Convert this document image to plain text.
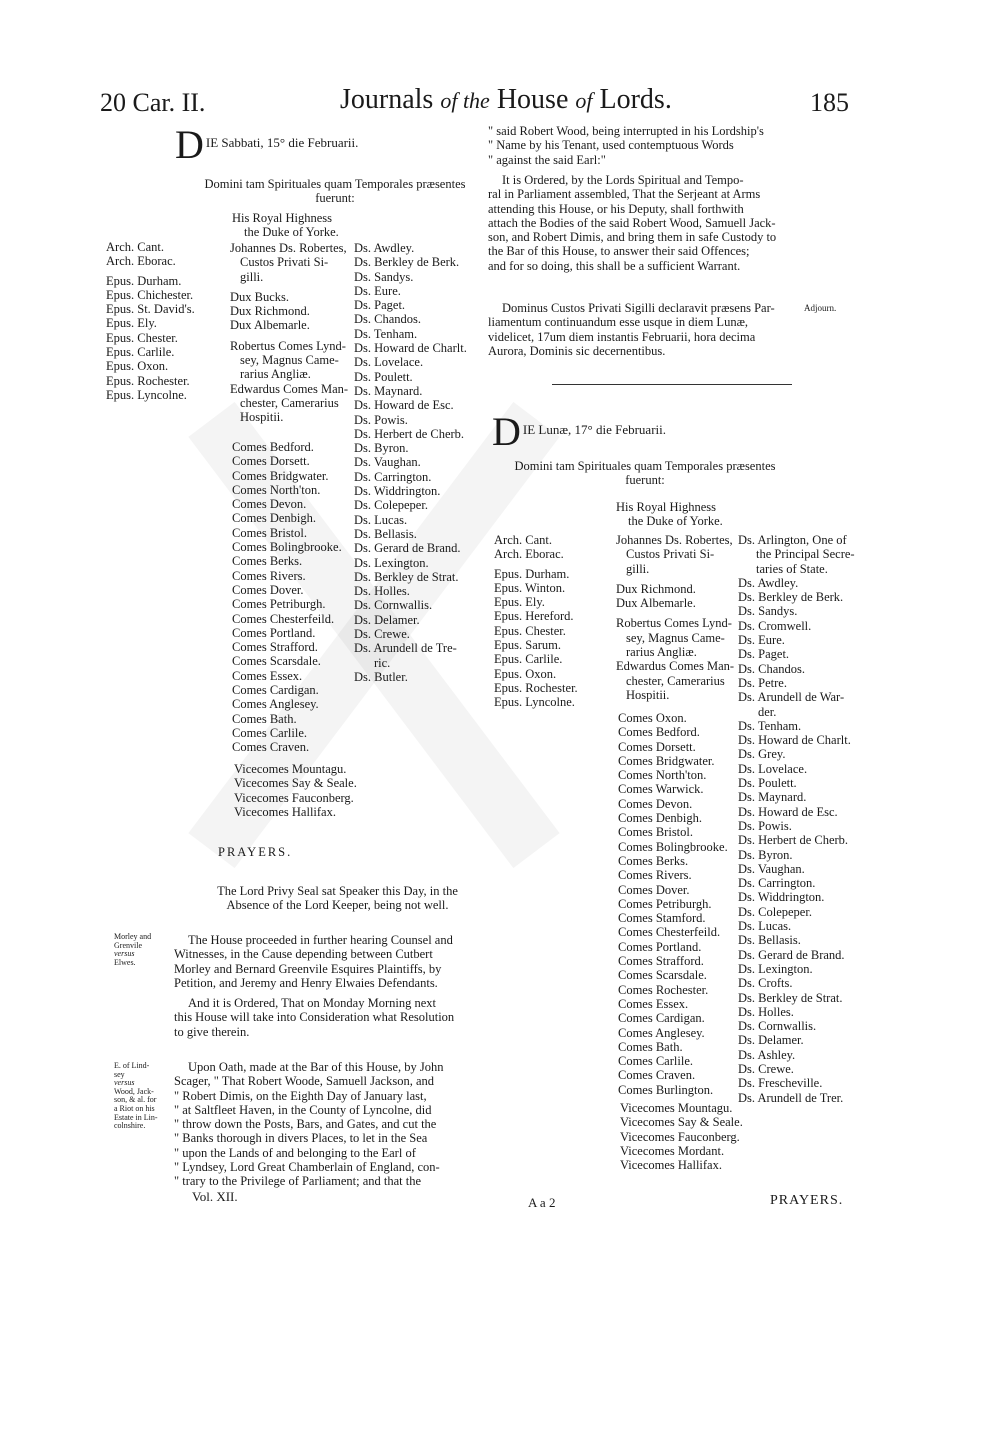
20 Car. II.	Journals of the House of Lords.	185
D $_{IE Sabbati, 15^\circ die Februarii.}$
Domini tam Spirituales quam Temporales præsentes
fuerunt:
His Royal Highness
the Duke of Yorke.
Arch. Cant.
Arch. Eborac.
Epus. Durham.
Epus. Chichester.
Epus. St. David's.
Epus. Ely.
Epus. Chester.
Epus. Carlile.
Epus. Oxon.
Epus. Rochester.
Epus. Lyncolne.
Johannes Ds. Robertes,
Custos Privati Si-
gilli.
Dux Bucks.
Dux Richmond.
Dux Albemarle.
Robertus Comes Lynd-
sey, Magnus Came-
rarius Angliæ.
Edwardus Comes Man-
chester, Camerarius
Hospitii.
Comes Bedford.
Comes Dorsett.
Comes Bridgwater.
Comes North'ton.
Comes Devon.
Comes Denbigh.
Comes Bristol.
Comes Bolingbrooke.
Comes Berks.
Comes Rivers.
Comes Dover.
Comes Petriburgh.
Comes Chesterfeild.
Comes Portland.
Comes Strafford.
Comes Scarsdale.
Comes Essex.
Comes Cardigan.
Comes Anglesey.
Comes Bath.
Comes Carlile.
Comes Craven.
Vicecomes Mountagu.
Vicecomes Say & Seale.
Vicecomes Fauconberg.
Vicecomes Hallifax.
Ds. Awdley.
Ds. Berkley de Berk.
Ds. Sandys.
Ds. Eure.
Ds. Paget.
Ds. Chandos.
Ds. Tenham.
Ds. Howard de Charlt.
Ds. Lovelace.
Ds. Poulett.
Ds. Maynard.
Ds. Howard de Esc.
Ds. Powis.
Ds. Herbert de Cherb.
Ds. Byron.
Ds. Vaughan.
Ds. Carrington.
Ds. Widdrington.
Ds. Colepeper.
Ds. Lucas.
Ds. Bellasis.
Ds. Gerard de Brand.
Ds. Lexington.
Ds. Berkley de Strat.
Ds. Holles.
Ds. Cornwallis.
Ds. Delamer.
Ds. Crewe.
Ds. Arundell de Tre-
ric.
Ds. Butler.
PRAYERS.
The Lord Privy Seal sat Speaker this Day, in the
Absence of the Lord Keeper, being not well.
Morley and
Grenvile
versus
Elwes.
The House proceeded in further hearing Counsel and
Witnesses, in the Cause depending between Cutbert
Morley and Bernard Greenvile Esquires Plaintiffs, by
Petition, and Jeremy and Henry Elwaies Defendants.
And it is Ordered, That on Monday Morning next
this House will take into Consideration what Resolution
to give therein.
E. of Lind-
sey
versus
Wood, Jack-
son, & al. for
a Riot on his
Estate in Lin-
colnshire.
Upon Oath, made at the Bar of this House, by John
Scager, " That Robert Woode, Samuell Jackson, and
" Robert Dimis, on the Eighth Day of January last,
" at Saltfleet Haven, in the County of Lyncolne, did
" throw down the Posts, Bars, and Gates, and cut the
" Banks thorough in divers Places, to let in the Sea
" upon the Lands of and belonging to the Earl of
" Lyndsey, Lord Great Chamberlain of England, con-
" trary to the Privilege of Parliament; and that the
Vol. XII.
" said Robert Wood, being interrupted in his Lordship's
" Name by his Tenant, used contemptuous Words
" against the said Earl:"
It is Ordered, by the Lords Spiritual and Tempo-
ral in Parliament assembled, That the Serjeant at Arms
attending this House, or his Deputy, shall forthwith
attach the Bodies of the said Robert Wood, Samuell Jack-
son, and Robert Dimis, and bring them in safe Custody to
the Bar of this House, to answer their said Offences;
and for so doing, this shall be a sufficient Warrant.
Dominus Custos Privati Sigilli declaravit præsens Par-
liamentum continuandum esse usque in diem Lunæ,
videlicet, 17um diem instantis Februarii, hora decima
Aurora, Dominis sic decernentibus.
Adjourn.
D $_{IE Lunæ, 17^\circ die Februarii.}$
Domini tam Spirituales quam Temporales præsentes
fuerunt:
His Royal Highness
the Duke of Yorke.
Arch. Cant.
Arch. Eborac.
Epus. Durham.
Epus. Winton.
Epus. Ely.
Epus. Hereford.
Epus. Chester.
Epus. Sarum.
Epus. Carlile.
Epus. Oxon.
Epus. Rochester.
Epus. Lyncolne.
Johannes Ds. Robertes,
Custos Privati Si-
gilli.
Dux Richmond.
Dux Albemarle.
Robertus Comes Lynd-
sey, Magnus Came-
rarius Angliæ.
Edwardus Comes Man-
chester, Camerarius
Hospitii.
Comes Oxon.
Comes Bedford.
Comes Dorsett.
Comes Bridgwater.
Comes North'ton.
Comes Warwick.
Comes Devon.
Comes Denbigh.
Comes Bristol.
Comes Bolingbrooke.
Comes Berks.
Comes Rivers.
Comes Dover.
Comes Petriburgh.
Comes Stamford.
Comes Chesterfeild.
Comes Portland.
Comes Strafford.
Comes Scarsdale.
Comes Rochester.
Comes Essex.
Comes Cardigan.
Comes Anglesey.
Comes Bath.
Comes Carlile.
Comes Craven.
Comes Burlington.
Vicecomes Mountagu.
Vicecomes Say & Seale.
Vicecomes Fauconberg.
Vicecomes Mordant.
Vicecomes Hallifax.
Ds. Arlington, One of
the Principal Secre-
taries of State.
Ds. Awdley.
Ds. Berkley de Berk.
Ds. Sandys.
Ds. Cromwell.
Ds. Eure.
Ds. Paget.
Ds. Chandos.
Ds. Petre.
Ds. Arundell de War-
der.
Ds. Tenham.
Ds. Howard de Charlt.
Ds. Grey.
Ds. Lovelace.
Ds. Poulett.
Ds. Maynard.
Ds. Howard de Esc.
Ds. Powis.
Ds. Herbert de Cherb.
Ds. Byron.
Ds. Vaughan.
Ds. Carrington.
Ds. Widdrington.
Ds. Colepeper.
Ds. Lucas.
Ds. Bellasis.
Ds. Gerard de Brand.
Ds. Lexington.
Ds. Crofts.
Ds. Berkley de Strat.
Ds. Holles.
Ds. Cornwallis.
Ds. Delamer.
Ds. Ashley.
Ds. Crewe.
Ds. Frescheville.
Ds. Arundell de Trer.
A a 2	PRAYERS.
